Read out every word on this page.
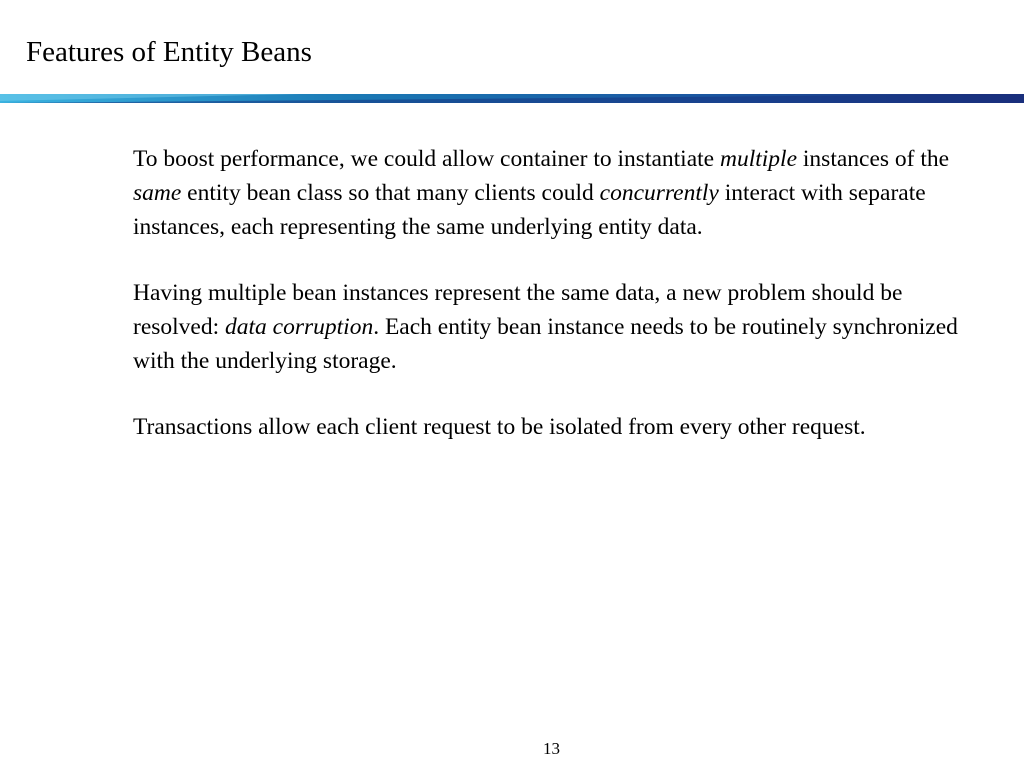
Features of Entity Beans

To boost performance, we could allow container to instantiate multiple instances of the same entity bean class so that many clients could concurrently interact with separate instances, each representing the same underlying entity data.

Having multiple bean instances represent the same data, a new problem should be resolved: data corruption. Each entity bean instance needs to be routinely synchronized with the underlying storage.

Transactions allow each client request to be isolated from every other request.

13
